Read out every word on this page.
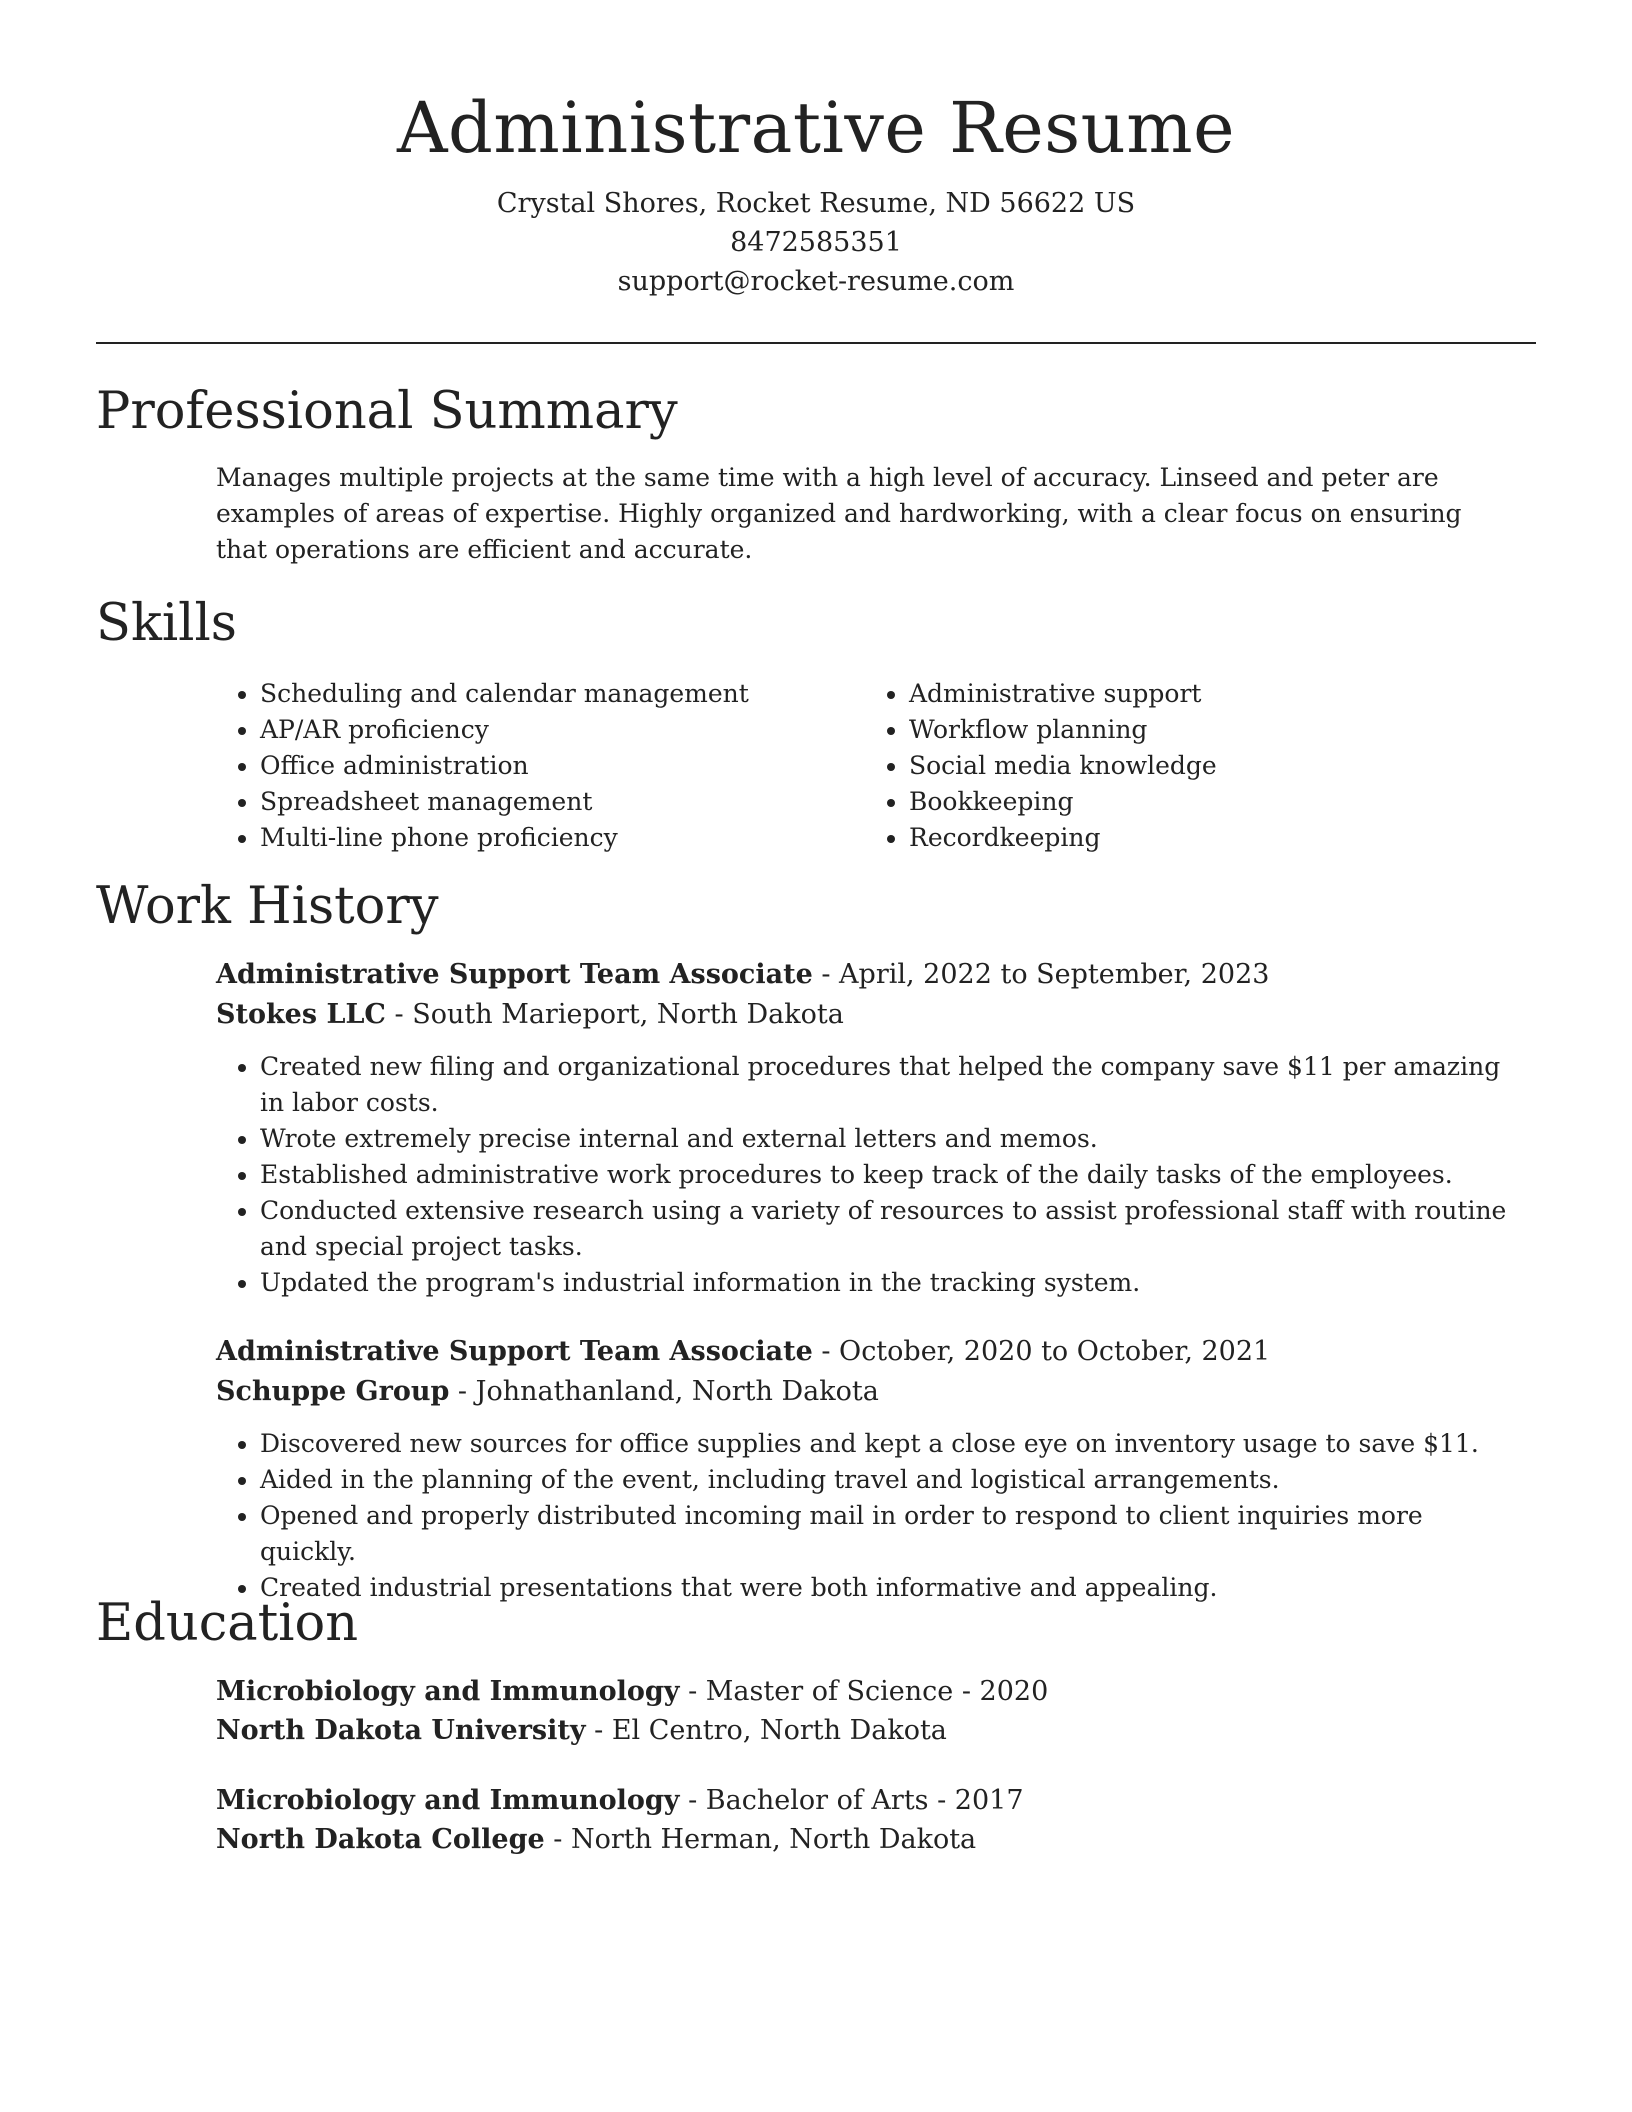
Administrative Resume
Crystal Shores, Rocket Resume, ND 56622 US
8472585351
support@rocket-resume.com
Professional Summary

Manages multiple projects at the same time with a high level of accuracy. Linseed and peter are examples of areas of expertise. Highly organized and hardworking, with a clear focus on ensuring that operations are efficient and accurate.

Skills
• Scheduling and calendar management
• AP/AR proficiency
• Office administration
• Spreadsheet management
• Multi-line phone proficiency
• Administrative support
• Workflow planning
• Social media knowledge
• Bookkeeping
• Recordkeeping
Work History
Administrative Support Team Associate - April, 2022 to September, 2023
Stokes LLC - South Marieport, North Dakota
• Created new filing and organizational procedures that helped the company save $11 per amazing in labor costs.
• Wrote extremely precise internal and external letters and memos.
• Established administrative work procedures to keep track of the daily tasks of the employees.
• Conducted extensive research using a variety of resources to assist professional staff with routine and special project tasks.
• Updated the program's industrial information in the tracking system.
Administrative Support Team Associate - October, 2020 to October, 2021
Schuppe Group - Johnathanland, North Dakota
• Discovered new sources for office supplies and kept a close eye on inventory usage to save $11.
• Aided in the planning of the event, including travel and logistical arrangements.
• Opened and properly distributed incoming mail in order to respond to client inquiries more quickly.
• Created industrial presentations that were both informative and appealing.
Education
Microbiology and Immunology - Master of Science - 2020
North Dakota University - El Centro, North Dakota
Microbiology and Immunology - Bachelor of Arts - 2017
North Dakota College - North Herman, North Dakota
